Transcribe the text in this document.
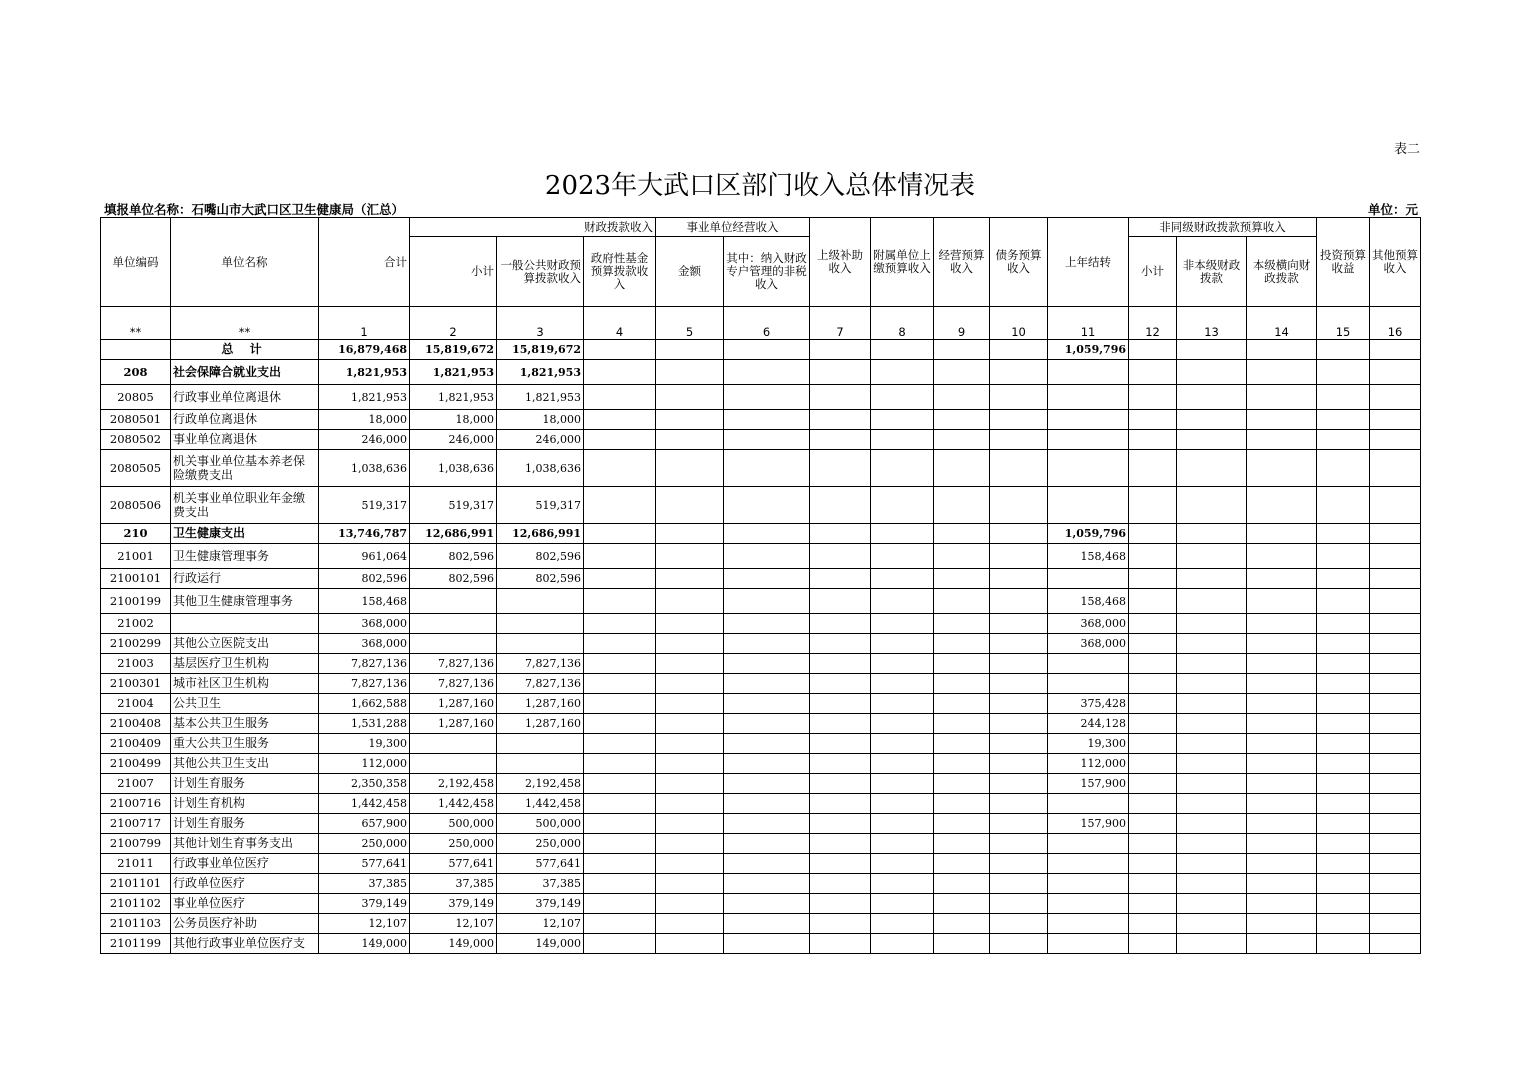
表二
2023年大武口区部门收入总体情况表
填报单位名称：石嘴山市大武口区卫生健康局（汇总）	单位：元
单位编码	单位名称	合计	财政拨款收入			事业单位经营收入		上级补助收入	附属单位上缴预算收入	经营预算收入	债务预算收入	上年结转	非同级财政拨款预算收入			投资预算收益	其他预算收入
			小计	一般公共财政预算拨款收入	政府性基金预算拨款收入	金额	其中：纳入财政专户管理的非税收入						小计	非本级财政拨款	本级横向财政拨款		
**	**	1	2	3	4	5	6	7	8	9	10	11	12	13	14	15	16
	总 计	16,879,468	15,819,672	15,819,672								1,059,796					
208	社会保障合就业支出	1,821,953	1,821,953	1,821,953													
20805	行政事业单位离退休	1,821,953	1,821,953	1,821,953													
2080501	行政单位离退休	18,000	18,000	18,000													
2080502	事业单位离退休	246,000	246,000	246,000													
2080505	机关事业单位基本养老保险缴费支出	1,038,636	1,038,636	1,038,636													
2080506	机关事业单位职业年金缴费支出	519,317	519,317	519,317													
210	卫生健康支出	13,746,787	12,686,991	12,686,991								1,059,796					
21001	卫生健康管理事务	961,064	802,596	802,596								158,468					
2100101	行政运行	802,596	802,596	802,596													
2100199	其他卫生健康管理事务	158,468										158,468					
21002		368,000										368,000					
2100299	其他公立医院支出	368,000										368,000					
21003	基层医疗卫生机构	7,827,136	7,827,136	7,827,136													
2100301	城市社区卫生机构	7,827,136	7,827,136	7,827,136													
21004	公共卫生	1,662,588	1,287,160	1,287,160								375,428					
2100408	基本公共卫生服务	1,531,288	1,287,160	1,287,160								244,128					
2100409	重大公共卫生服务	19,300										19,300					
2100499	其他公共卫生支出	112,000										112,000					
21007	计划生育服务	2,350,358	2,192,458	2,192,458								157,900					
2100716	计划生育机构	1,442,458	1,442,458	1,442,458													
2100717	计划生育服务	657,900	500,000	500,000								157,900					
2100799	其他计划生育事务支出	250,000	250,000	250,000													
21011	行政事业单位医疗	577,641	577,641	577,641													
2101101	行政单位医疗	37,385	37,385	37,385													
2101102	事业单位医疗	379,149	379,149	379,149													
2101103	公务员医疗补助	12,107	12,107	12,107													
2101199	其他行政事业单位医疗支	149,000	149,000	149,000													
